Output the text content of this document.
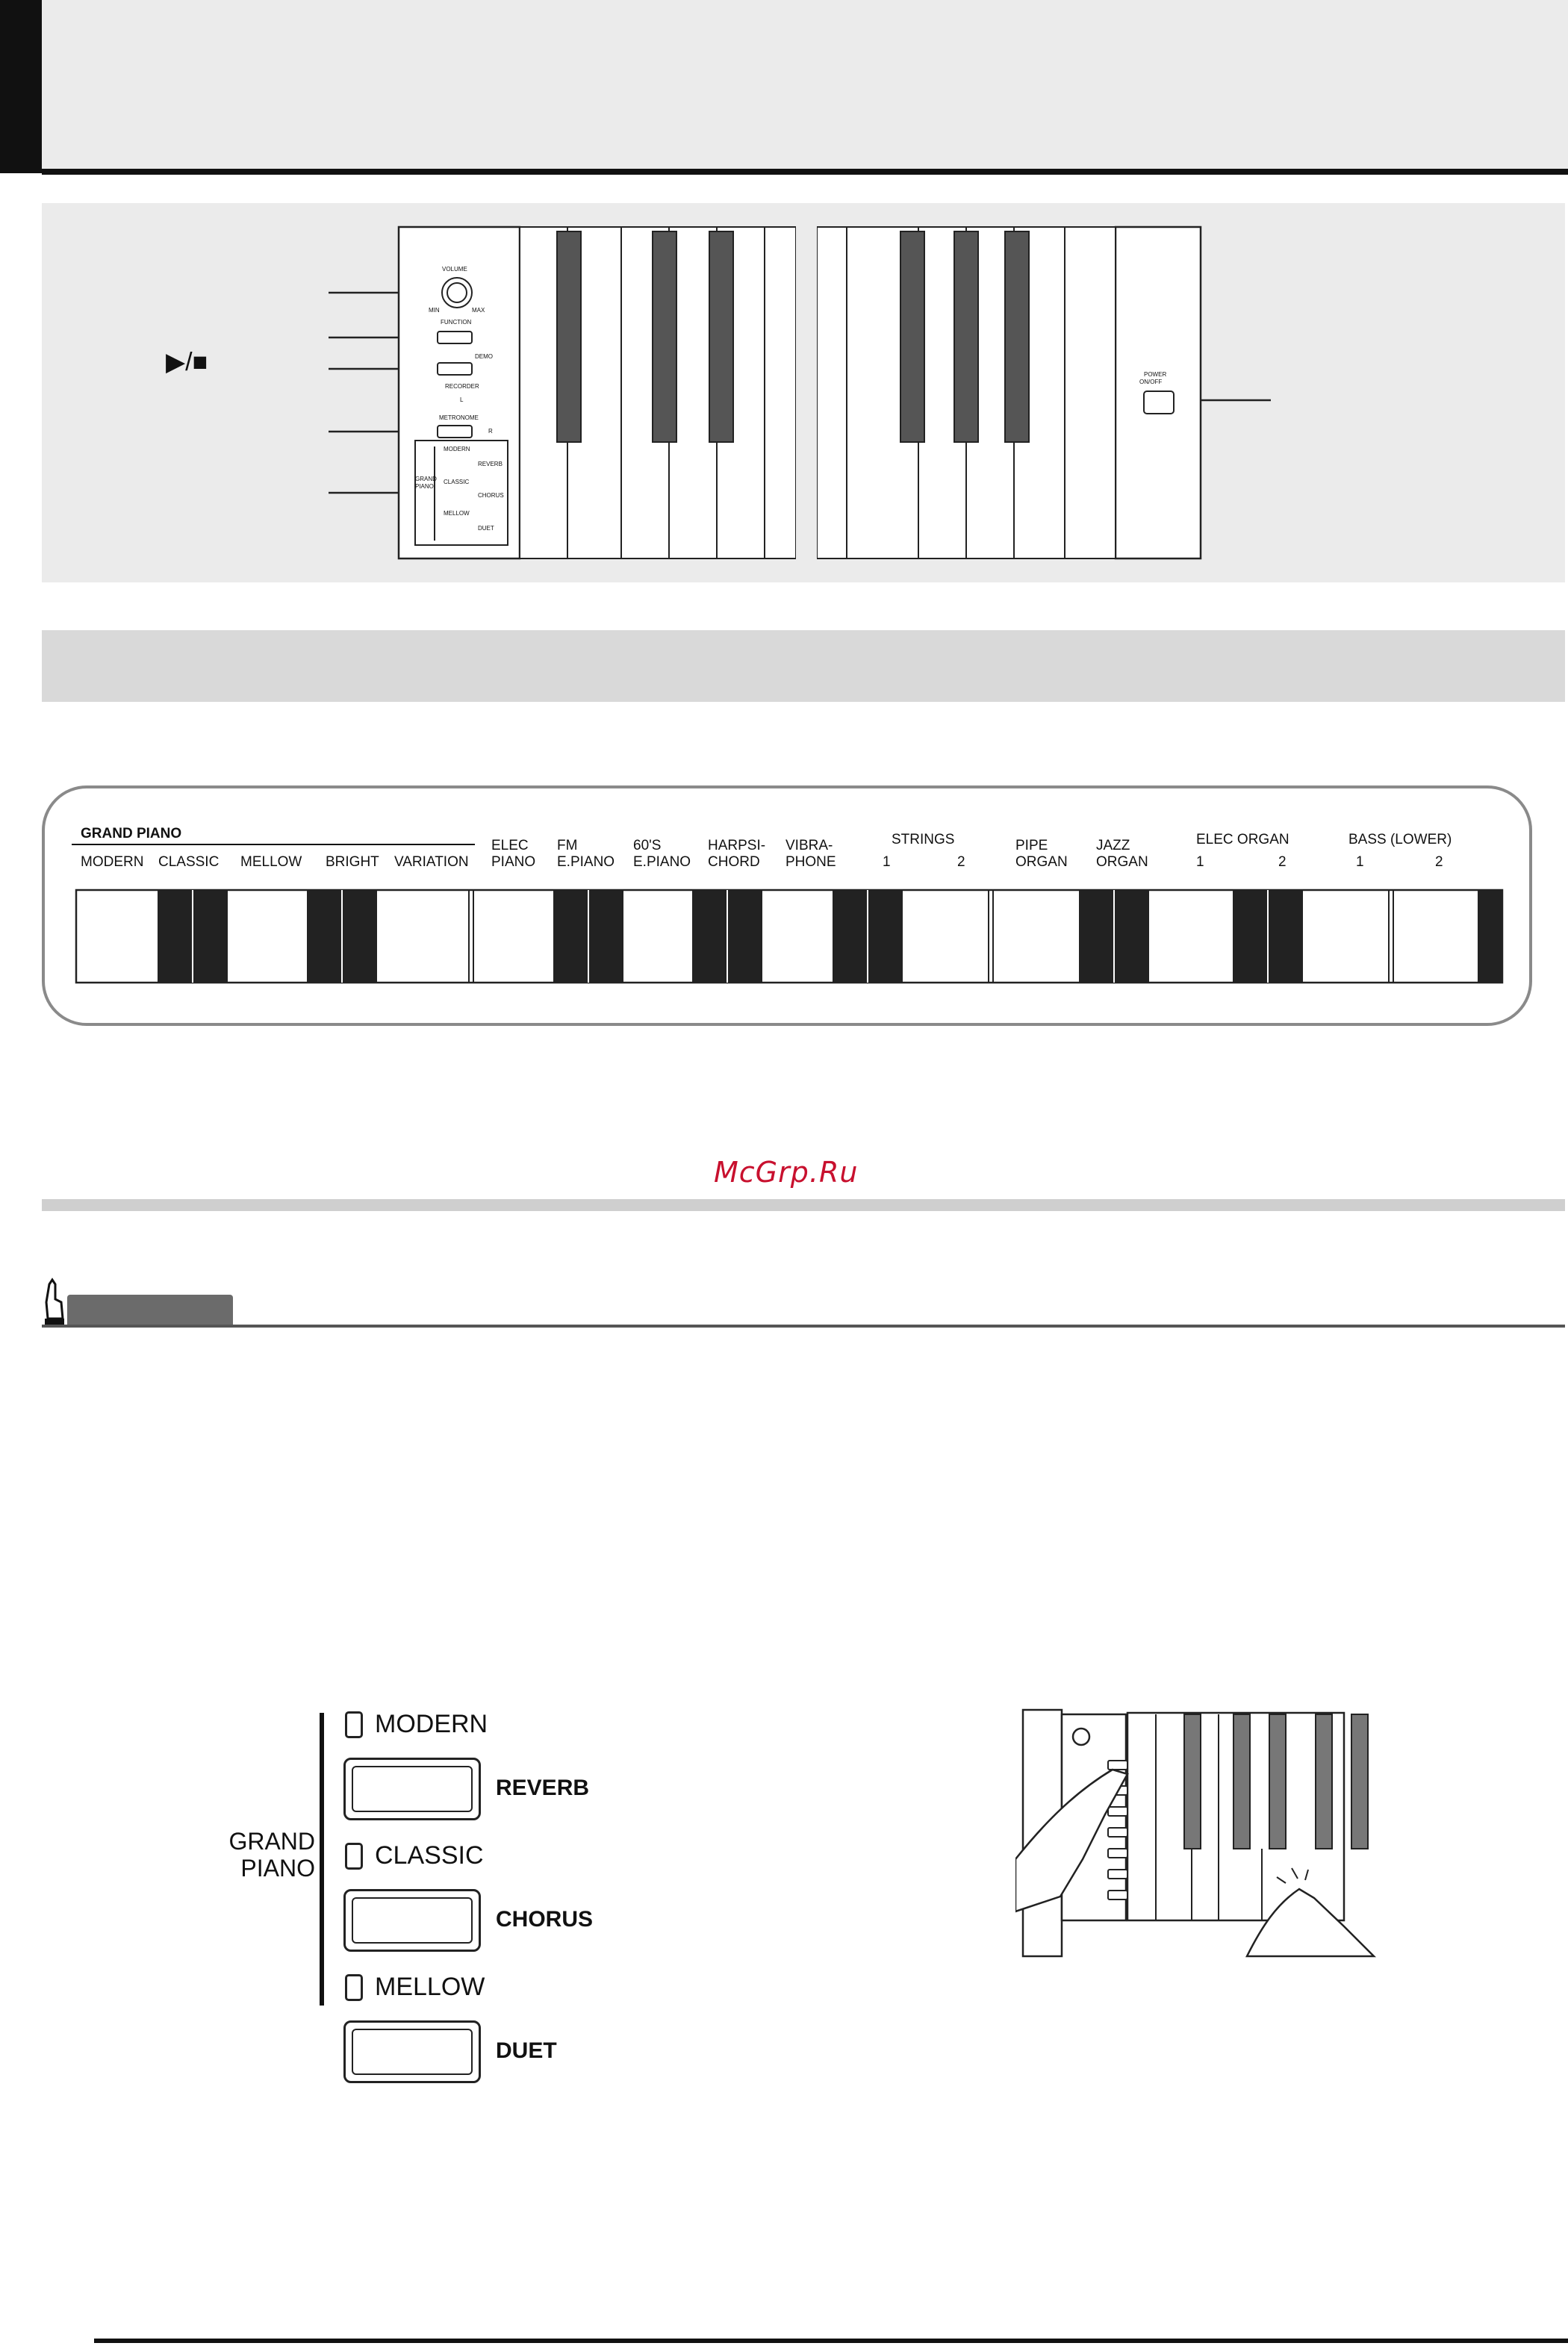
▶/■
VOLUME
MIN	MAX
FUNCTION
DEMO
RECORDER
L
METRONOME
R
MODERN
REVERB
CLASSIC
CHORUS
MELLOW
DUET
GRAND
PIANO
POWER
ON/OFF
GRAND PIANO	STRINGS	ELEC ORGAN	BASS (LOWER)
MODERN CLASSIC MELLOW BRIGHT VARIATION
ELEC
PIANO
FM
E.PIANO
60'S
E.PIANO
HARPSI-
CHORD
VIBRA-
PHONE	1	2
PIPE
ORGAN
JAZZ
ORGAN	1	2	1	2
McGrp.Ru
GRAND
PIANO
MODERN
REVERB
CLASSIC
CHORUS
MELLOW
DUET
